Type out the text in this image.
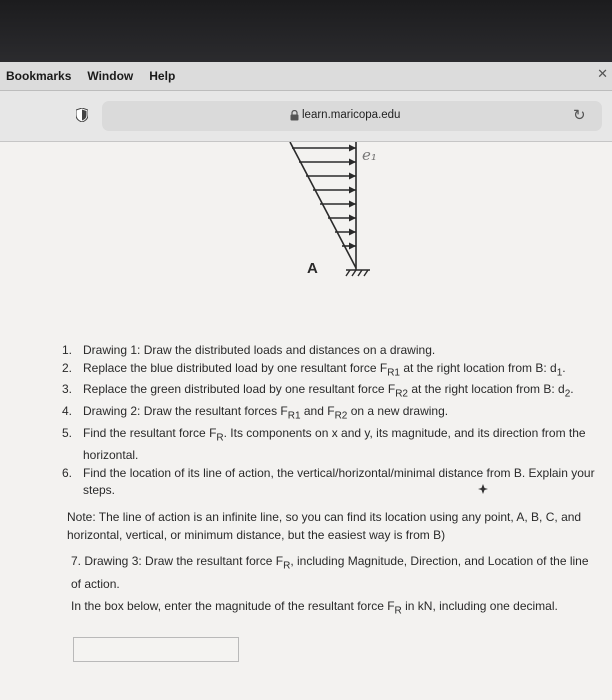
Bookmarks Window Help	✕
learn.maricopa.edu	↻
A
e₁
1. Drawing 1: Draw the distributed loads and distances on a drawing.
2. Replace the blue distributed load by one resultant force $F_{R1}$ at the right location from B: $d_1$.
3. Replace the green distributed load by one resultant force $F_{R2}$ at the right location from B: $d_2$.
4. Drawing 2: Draw the resultant forces $F_{R1}$ and $F_{R2}$ on a new drawing.
5. Find the resultant force $F_R$. Its components on x and y, its magnitude, and its direction from the horizontal.
6. Find the location of its line of action, the vertical/horizontal/minimal distance from B. Explain your steps.
Note: The line of action is an infinite line, so you can find its location using any point, A, B, C, and horizontal, vertical, or minimum distance, but the easiest way is from B)
7. Drawing 3: Draw the resultant force $F_R$, including Magnitude, Direction, and Location of the line of action.
In the box below, enter the magnitude of the resultant force $F_R$ in kN, including one decimal.
